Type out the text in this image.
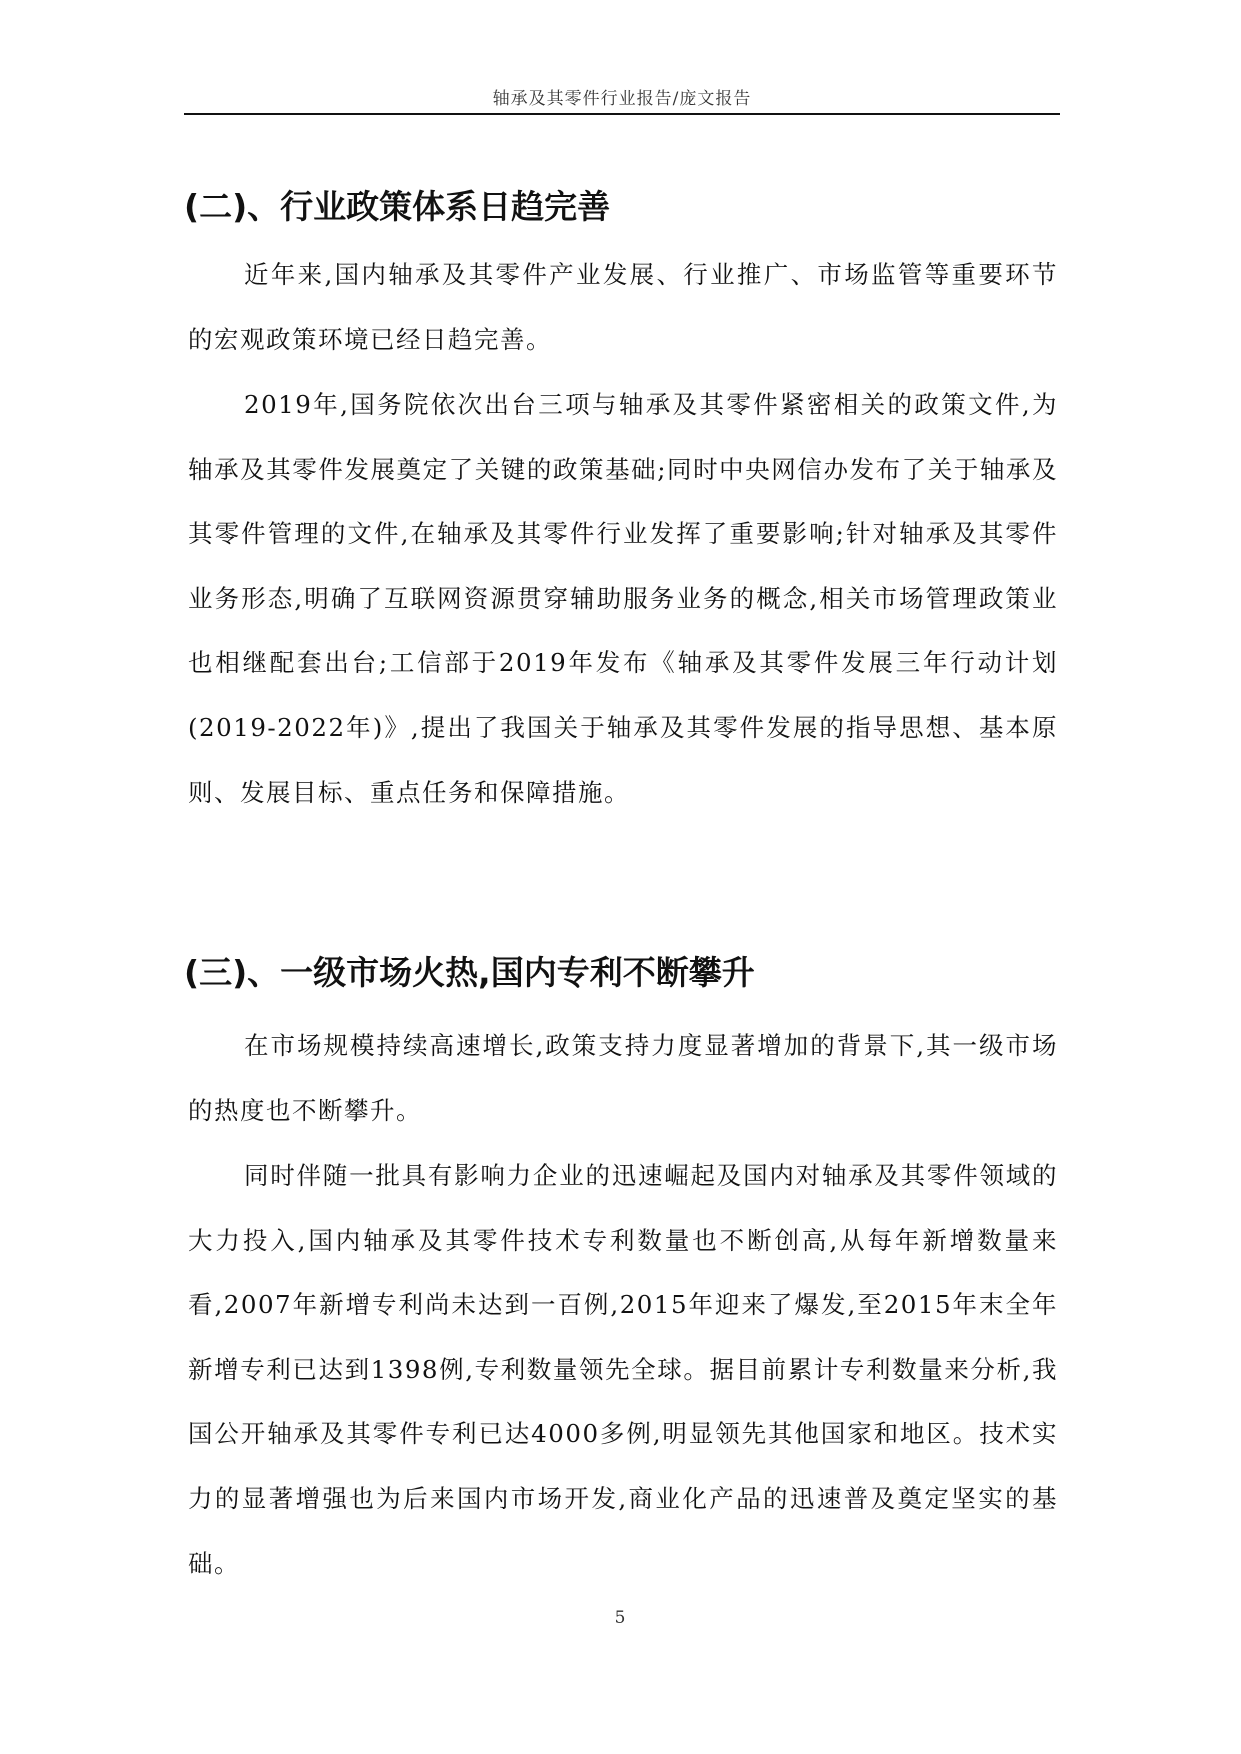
轴承及其零件行业报告/庞文报告
(二)、行业政策体系日趋完善

近年来,国内轴承及其零件产业发展、行业推广、市场监管等重要环节的宏观政策环境已经日趋完善。

2019年,国务院依次出台三项与轴承及其零件紧密相关的政策文件,为轴承及其零件发展奠定了关键的政策基础;同时中央网信办发布了关于轴承及其零件管理的文件,在轴承及其零件行业发挥了重要影响;针对轴承及其零件业务形态,明确了互联网资源贯穿辅助服务业务的概念,相关市场管理政策业也相继配套出台;工信部于2019年发布《轴承及其零件发展三年行动计划(2019-2022年)》,提出了我国关于轴承及其零件发展的指导思想、基本原则、发展目标、重点任务和保障措施。

(三)、一级市场火热,国内专利不断攀升

在市场规模持续高速增长,政策支持力度显著增加的背景下,其一级市场的热度也不断攀升。

同时伴随一批具有影响力企业的迅速崛起及国内对轴承及其零件领域的大力投入,国内轴承及其零件技术专利数量也不断创高,从每年新增数量来看,2007年新增专利尚未达到一百例,2015年迎来了爆发,至2015年末全年新增专利已达到1398例,专利数量领先全球。据目前累计专利数量来分析,我国公开轴承及其零件专利已达4000多例,明显领先其他国家和地区。技术实力的显著增强也为后来国内市场开发,商业化产品的迅速普及奠定坚实的基础。

5
